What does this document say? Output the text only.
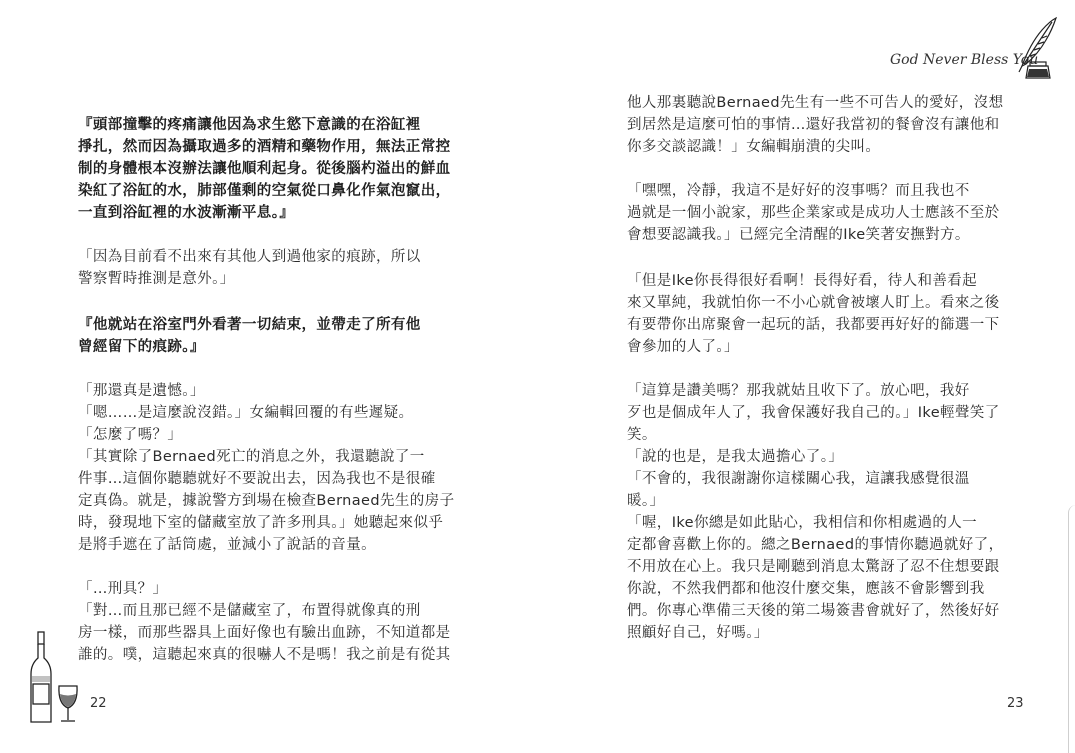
『頭部撞擊的疼痛讓他因為求生慾下意識的在浴缸裡
掙扎，然而因為攝取過多的酒精和藥物作用，無法正常控
制的身體根本沒辦法讓他順利起身。從後腦杓溢出的鮮血
染紅了浴缸的水，肺部僅剩的空氣從口鼻化作氣泡竄出，
一直到浴缸裡的水波漸漸平息。』
「因為目前看不出來有其他人到過他家的痕跡，所以
警察暫時推測是意外。」
『他就站在浴室門外看著一切結束，並帶走了所有他
曾經留下的痕跡。』
「那還真是遺憾。」
「嗯……是這麼說沒錯。」女編輯回覆的有些遲疑。
「怎麼了嗎？」
「其實除了Bernaed死亡的消息之外，我還聽說了一
件事…這個你聽聽就好不要說出去，因為我也不是很確
定真偽。就是，據說警方到場在檢查Bernaed先生的房子
時，發現地下室的儲藏室放了許多刑具。」她聽起來似乎
是將手遮在了話筒處，並減小了說話的音量。
「…刑具？」
「對…而且那已經不是儲藏室了，布置得就像真的刑
房一樣，而那些器具上面好像也有驗出血跡，不知道都是
誰的。噗，這聽起來真的很嚇人不是嗎！我之前是有從其
22
他人那裏聽說Bernaed先生有一些不可告人的愛好，沒想
到居然是這麼可怕的事情…還好我當初的餐會沒有讓他和
你多交談認識！」女編輯崩潰的尖叫。
「嘿嘿，冷靜，我這不是好好的沒事嗎？而且我也不
過就是一個小說家，那些企業家或是成功人士應該不至於
會想要認識我。」已經完全清醒的Ike笑著安撫對方。
「但是Ike你長得很好看啊！長得好看，待人和善看起
來又單純，我就怕你一不小心就會被壞人盯上。看來之後
有要帶你出席聚會一起玩的話，我都要再好好的篩選一下
會參加的人了。」
「這算是讚美嗎？那我就姑且收下了。放心吧，我好
歹也是個成年人了，我會保護好我自己的。」Ike輕聲笑了
笑。
「說的也是，是我太過擔心了。」
「不會的，我很謝謝你這樣關心我，這讓我感覺很溫
暖。」
「喔，Ike你總是如此貼心，我相信和你相處過的人一
定都會喜歡上你的。總之Bernaed的事情你聽過就好了，
不用放在心上。我只是剛聽到消息太驚訝了忍不住想要跟
你說，不然我們都和他沒什麼交集，應該不會影響到我
們。你專心準備三天後的第二場簽書會就好了，然後好好
照顧好自己，好嗎。」
23
God Never Bless You
